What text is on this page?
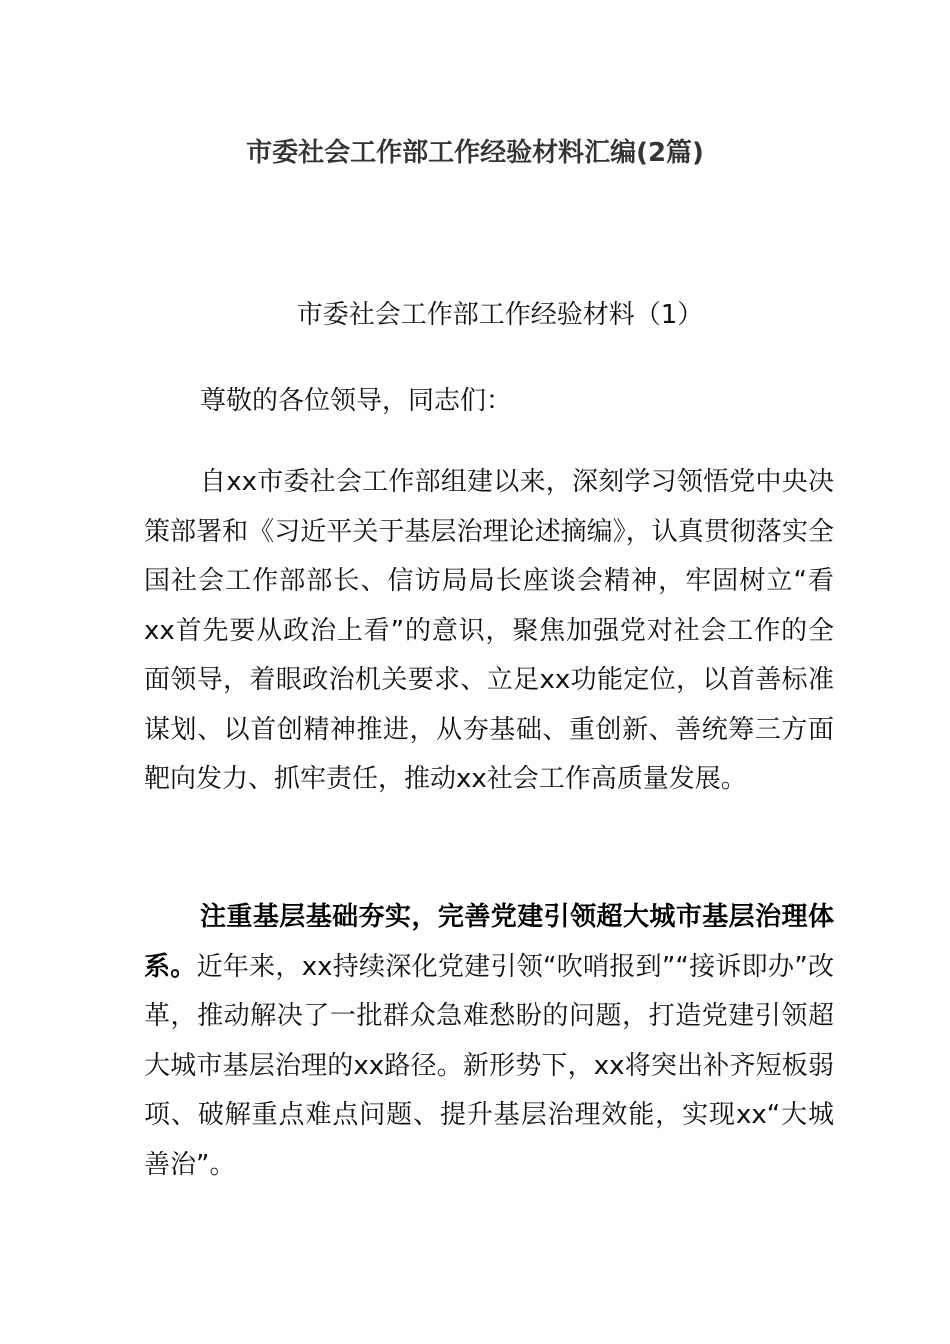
市委社会工作部工作经验材料汇编(2篇)
市委社会工作部工作经验材料（1）
尊敬的各位领导，同志们：

自xx市委社会工作部组建以来，深刻学习领悟党中央决策部署和《习近平关于基层治理论述摘编》，认真贯彻落实全国社会工作部部长、信访局局长座谈会精神，牢固树立“看xx首先要从政治上看”的意识，聚焦加强党对社会工作的全面领导，着眼政治机关要求、立足xx功能定位，以首善标准谋划、以首创精神推进，从夯基础、重创新、善统筹三方面靶向发力、抓牢责任，推动xx社会工作高质量发展。

注重基层基础夯实，完善党建引领超大城市基层治理体系。近年来，xx持续深化党建引领“吹哨报到”“接诉即办”改革，推动解决了一批群众急难愁盼的问题，打造党建引领超大城市基层治理的xx路径。新形势下，xx将突出补齐短板弱项、破解重点难点问题、提升基层治理效能，实现xx“大城善治”。
